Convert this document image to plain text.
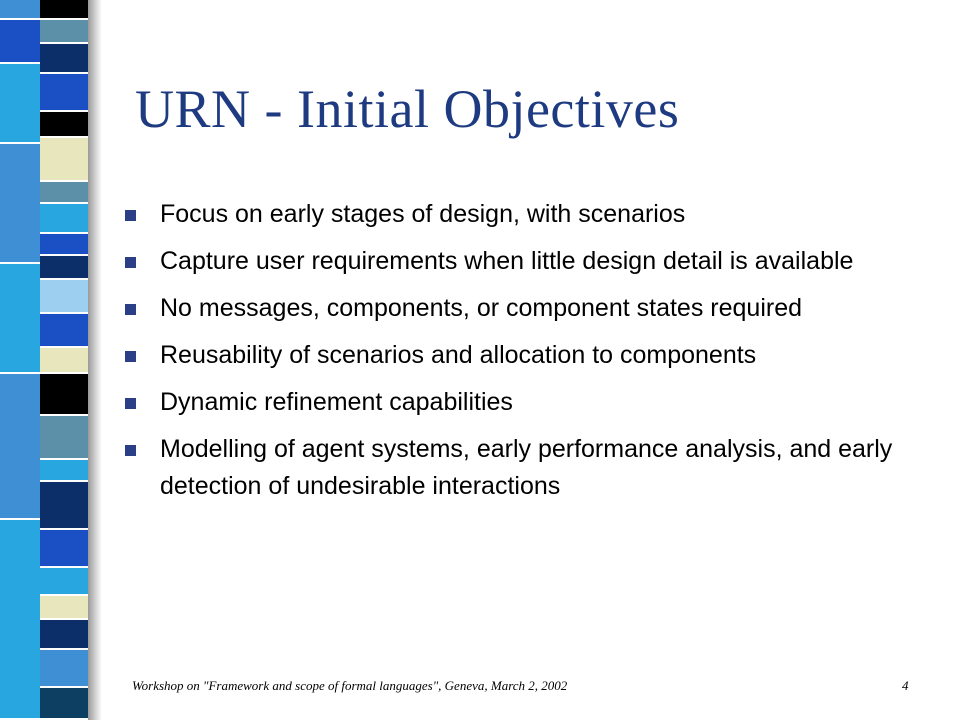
URN - Initial Objectives
Focus on early stages of design, with scenarios
Capture user requirements when little design detail is available
No messages, components, or component states required
Reusability of scenarios and allocation to components
Dynamic refinement capabilities
Modelling of agent systems, early performance analysis, and early detection of undesirable interactions
Workshop on "Framework and scope of formal languages", Geneva, March 2, 2002	4
